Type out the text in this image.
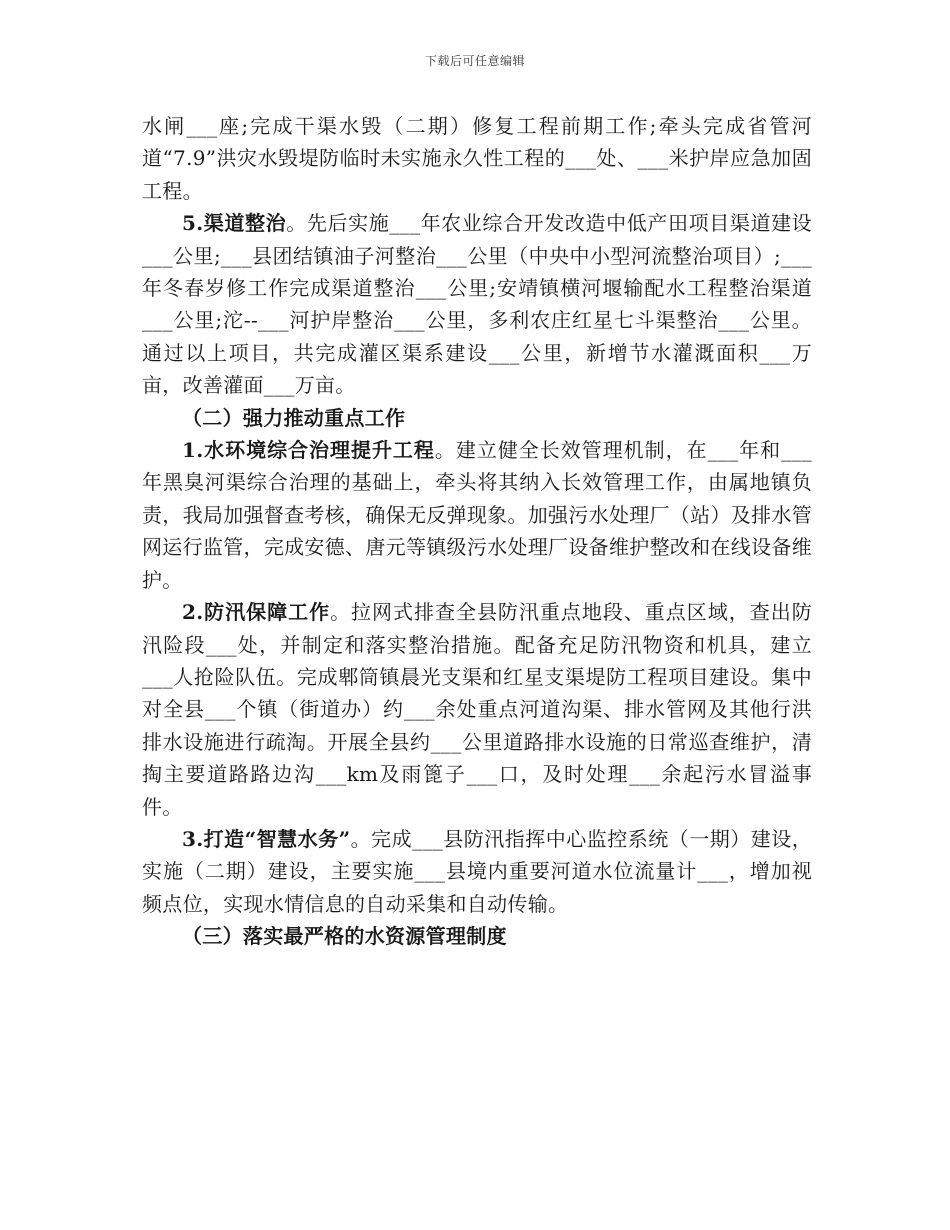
下载后可任意编辑

水闸___座;完成干渠水毁（二期）修复工程前期工作;牵头完成省管河道“7.9”洪灾水毁堤防临时未实施永久性工程的___处、___米护岸应急加固工程。

5.渠道整治。先后实施___年农业综合开发改造中低产田项目渠道建设___公里;___县团结镇油子河整治___公里（中央中小型河流整治项目）;___年冬春岁修工作完成渠道整治___公里;安靖镇横河堰输配水工程整治渠道___公里;沱--___河护岸整治___公里，多利农庄红星七斗渠整治___公里。通过以上项目，共完成灌区渠系建设___公里，新增节水灌溉面积___万亩，改善灌面___万亩。

（二）强力推动重点工作

1.水环境综合治理提升工程。建立健全长效管理机制，在___年和___年黑臭河渠综合治理的基础上，牵头将其纳入长效管理工作，由属地镇负责，我局加强督查考核，确保无反弹现象。加强污水处理厂（站）及排水管网运行监管，完成安德、唐元等镇级污水处理厂设备维护整改和在线设备维护。

2.防汛保障工作。拉网式排查全县防汛重点地段、重点区域，查出防汛险段___处，并制定和落实整治措施。配备充足防汛物资和机具，建立___人抢险队伍。完成郫筒镇晨光支渠和红星支渠堤防工程项目建设。集中对全县___个镇（街道办）约___余处重点河道沟渠、排水管网及其他行洪排水设施进行疏淘。开展全县约___公里道路排水设施的日常巡查维护，清掏主要道路路边沟___km及雨篦子___口，及时处理___余起污水冒溢事件。

3.打造“智慧水务”。完成___县防汛指挥中心监控系统（一期）建设，实施（二期）建设，主要实施___县境内重要河道水位流量计___，增加视频点位，实现水情信息的自动采集和自动传输。

（三）落实最严格的水资源管理制度
